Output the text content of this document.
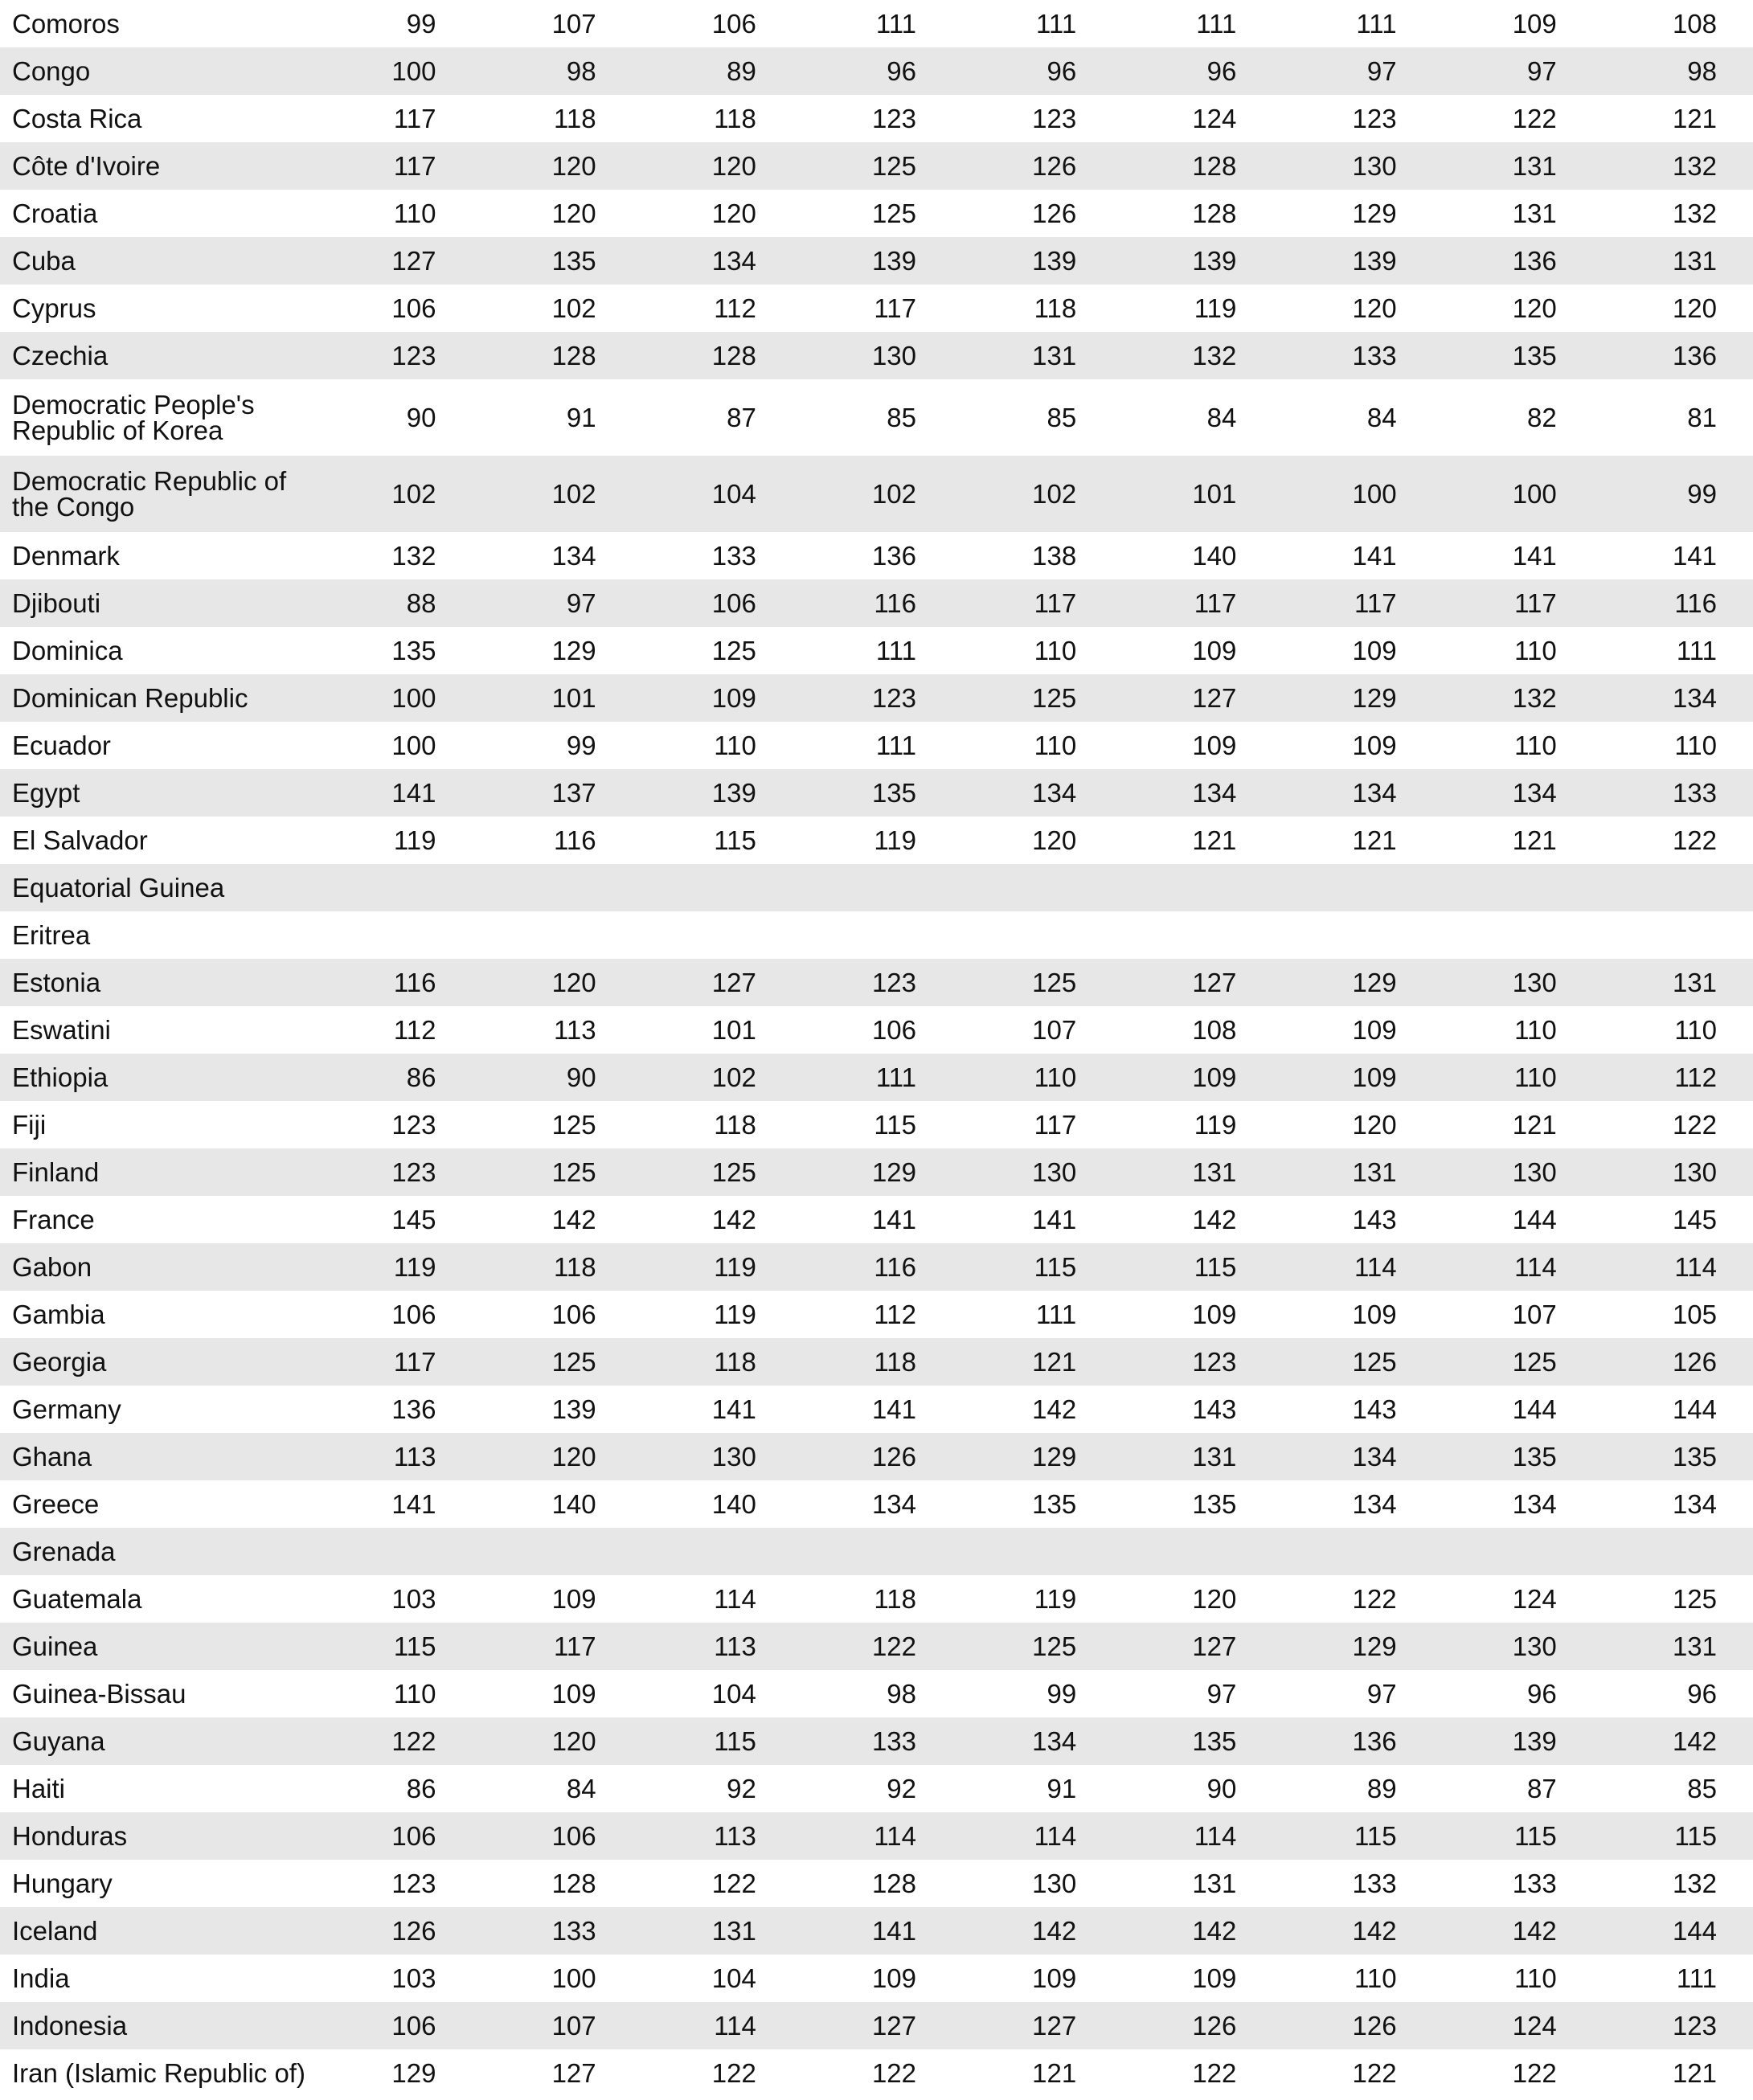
Comoros	99	107	106	111	111	111	111	109	108
Congo	100	98	89	96	96	96	97	97	98
Costa Rica	117	118	118	123	123	124	123	122	121
Côte d'Ivoire	117	120	120	125	126	128	130	131	132
Croatia	110	120	120	125	126	128	129	131	132
Cuba	127	135	134	139	139	139	139	136	131
Cyprus	106	102	112	117	118	119	120	120	120
Czechia	123	128	128	130	131	132	133	135	136
Democratic People's Republic of Korea	90	91	87	85	85	84	84	82	81
Democratic Republic of the Congo	102	102	104	102	102	101	100	100	99
Denmark	132	134	133	136	138	140	141	141	141
Djibouti	88	97	106	116	117	117	117	117	116
Dominica	135	129	125	111	110	109	109	110	111
Dominican Republic	100	101	109	123	125	127	129	132	134
Ecuador	100	99	110	111	110	109	109	110	110
Egypt	141	137	139	135	134	134	134	134	133
El Salvador	119	116	115	119	120	121	121	121	122
Equatorial Guinea									
Eritrea									
Estonia	116	120	127	123	125	127	129	130	131
Eswatini	112	113	101	106	107	108	109	110	110
Ethiopia	86	90	102	111	110	109	109	110	112
Fiji	123	125	118	115	117	119	120	121	122
Finland	123	125	125	129	130	131	131	130	130
France	145	142	142	141	141	142	143	144	145
Gabon	119	118	119	116	115	115	114	114	114
Gambia	106	106	119	112	111	109	109	107	105
Georgia	117	125	118	118	121	123	125	125	126
Germany	136	139	141	141	142	143	143	144	144
Ghana	113	120	130	126	129	131	134	135	135
Greece	141	140	140	134	135	135	134	134	134
Grenada									
Guatemala	103	109	114	118	119	120	122	124	125
Guinea	115	117	113	122	125	127	129	130	131
Guinea-Bissau	110	109	104	98	99	97	97	96	96
Guyana	122	120	115	133	134	135	136	139	142
Haiti	86	84	92	92	91	90	89	87	85
Honduras	106	106	113	114	114	114	115	115	115
Hungary	123	128	122	128	130	131	133	133	132
Iceland	126	133	131	141	142	142	142	142	144
India	103	100	104	109	109	109	110	110	111
Indonesia	106	107	114	127	127	126	126	124	123
Iran (Islamic Republic of)	129	127	122	122	121	122	122	122	121
